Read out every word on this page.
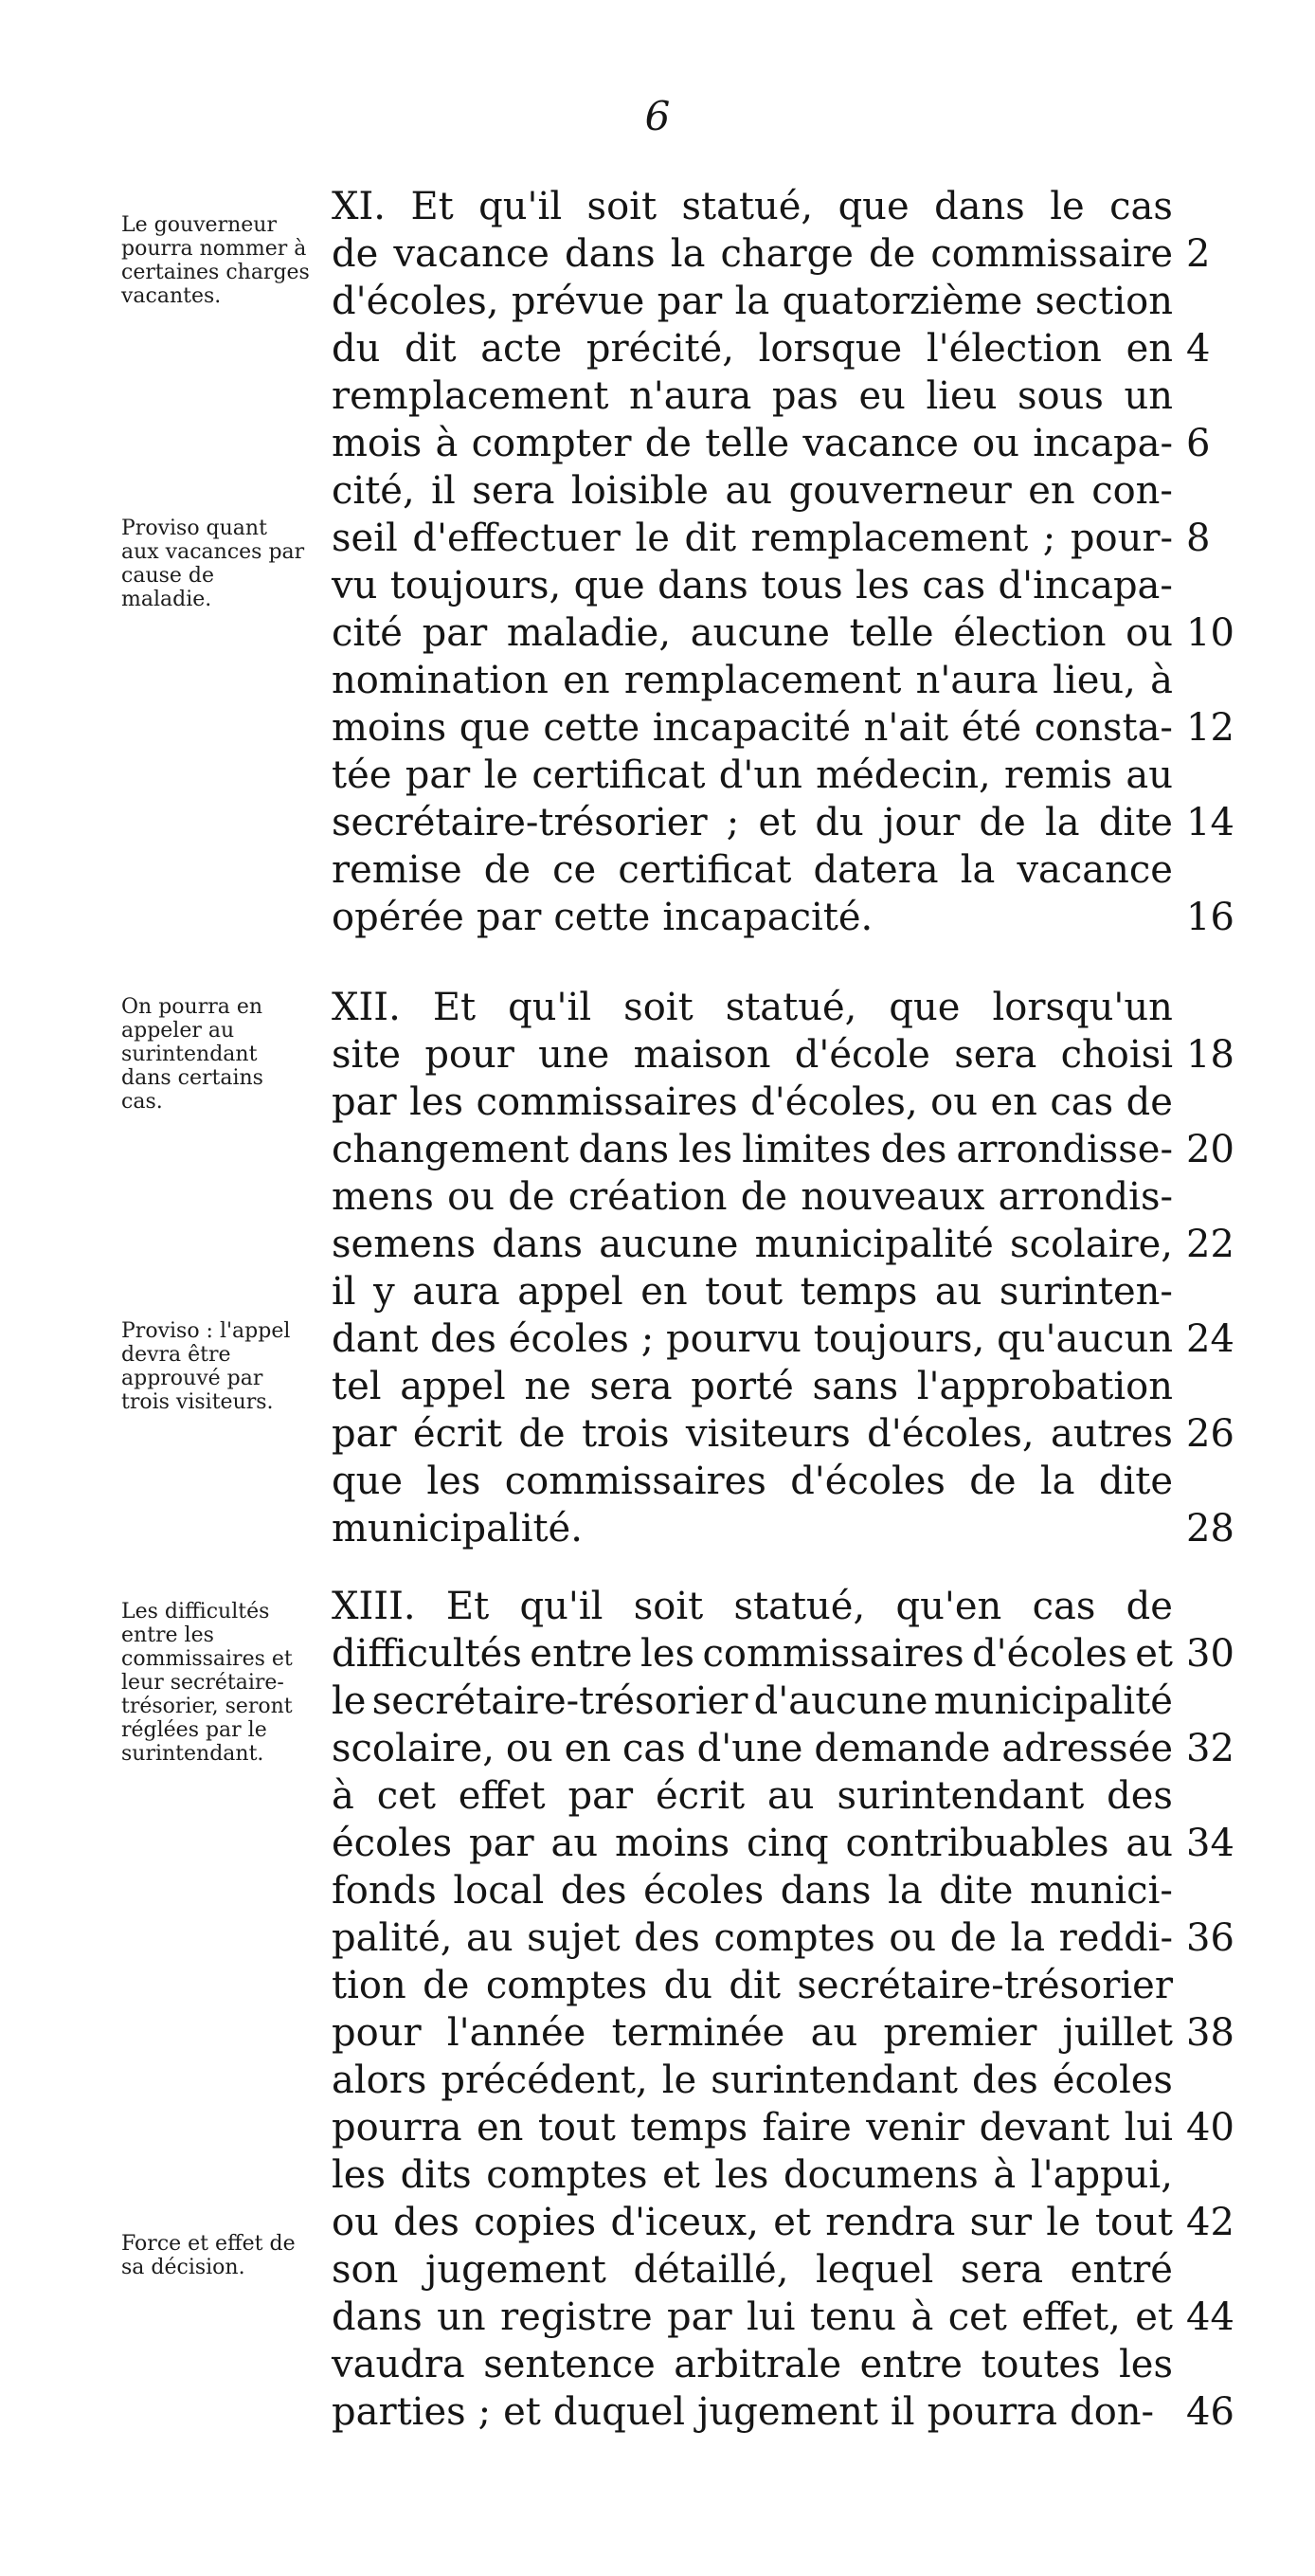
6
Le gouverneur pourra nommer à certaines charges vacantes.
Proviso quant aux vacances par cause de maladie.
XI. Et qu'il soit statué, que dans le cas
de vacance dans la charge de commissaire
d'écoles, prévue par la quatorzième section
du dit acte précité, lorsque l'élection en
remplacement n'aura pas eu lieu sous un
mois à compter de telle vacance ou incapa-
cité, il sera loisible au gouverneur en con-
seil d'effectuer le dit remplacement ; pour-
vu toujours, que dans tous les cas d'incapa-
cité par maladie, aucune telle élection ou
nomination en remplacement n'aura lieu, à
moins que cette incapacité n'ait été consta-
tée par le certificat d'un médecin, remis au
secrétaire-trésorier ; et du jour de la dite
remise de ce certificat datera la vacance
opérée par cette incapacité.
2
4
6
8
10
12
14
16
On pourra en appeler au surintendant dans certains cas.
Proviso : l'appel devra être approuvé par trois visiteurs.
XII. Et qu'il soit statué, que lorsqu'un
site pour une maison d'école sera choisi
par les commissaires d'écoles, ou en cas de
changement dans les limites des arrondisse-
mens ou de création de nouveaux arrondis-
semens dans aucune municipalité scolaire,
il y aura appel en tout temps au surinten-
dant des écoles ; pourvu toujours, qu'aucun
tel appel ne sera porté sans l'approbation
par écrit de trois visiteurs d'écoles, autres
que les commissaires d'écoles de la dite
municipalité.
18
20
22
24
26
28
Les difficultés entre les commissaires et leur secrétaire-trésorier, seront réglées par le surintendant.
Force et effet de sa décision.
XIII. Et qu'il soit statué, qu'en cas de
difficultés entre les commissaires d'écoles et
le secrétaire-trésorier d'aucune municipalité
scolaire, ou en cas d'une demande adressée
à cet effet par écrit au surintendant des
écoles par au moins cinq contribuables au
fonds local des écoles dans la dite munici-
palité, au sujet des comptes ou de la reddi-
tion de comptes du dit secrétaire-trésorier
pour l'année terminée au premier juillet
alors précédent, le surintendant des écoles
pourra en tout temps faire venir devant lui
les dits comptes et les documens à l'appui,
ou des copies d'iceux, et rendra sur le tout
son jugement détaillé, lequel sera entré
dans un registre par lui tenu à cet effet, et
vaudra sentence arbitrale entre toutes les
parties ; et duquel jugement il pourra don-
30
32
34
36
38
40
42
44
46
